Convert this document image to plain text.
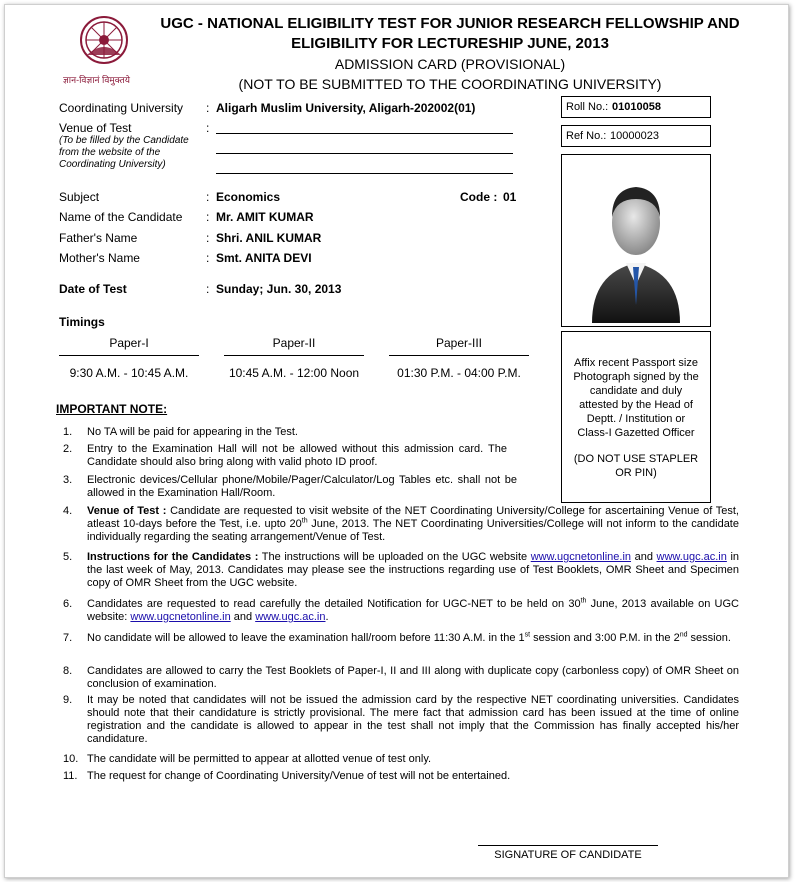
ज्ञान-विज्ञानं विमुक्तये
UGC - NATIONAL ELIGIBILITY TEST FOR JUNIOR RESEARCH FELLOWSHIP AND
ELIGIBILITY FOR LECTURESHIP JUNE, 2013
ADMISSION CARD (PROVISIONAL)
(NOT TO BE SUBMITTED TO THE COORDINATING UNIVERSITY)
Roll No.: 01010058
Ref No.: 10000023
Affix recent Passport size
Photograph signed by the
candidate and duly
attested by the Head of
Deptt. / Institution or
Class-I Gazetted Officer
(DO NOT USE STAPLER
OR PIN)
Coordinating University : Aligarh Muslim University, Aligarh-202002(01)
Venue of Test	:
(To be filled by the Candidate
from the website of the
Coordinating University)
Subject	: Economics	Code : 01
Name of the Candidate : Mr. AMIT KUMAR
Father's Name	: Shri. ANIL KUMAR
Mother's Name	: Smt. ANITA DEVI
Date of Test	: Sunday; Jun. 30, 2013
Timings
Paper-I	Paper-II	Paper-III
9:30 A.M. - 10:45 A.M.	10:45 A.M. - 12:00 Noon	01:30 P.M. - 04:00 P.M.
IMPORTANT NOTE:
1. No TA will be paid for appearing in the Test.
2. Entry to the Examination Hall will not be allowed without this admission card. The Candidate should also bring along with valid photo ID proof.
3. Electronic devices/Cellular phone/Mobile/Pager/Calculator/Log Tables etc. shall not be allowed in the Examination Hall/Room.
4. Venue of Test : Candidate are requested to visit website of the NET Coordinating University/College for ascertaining Venue of Test, atleast 10-days before the Test, i.e. upto 20th June, 2013. The NET Coordinating Universities/College will not inform to the candidate individually regarding the seating arrangement/Venue of Test.
5. Instructions for the Candidates : The instructions will be uploaded on the UGC website www.ugcnetonline.in and www.ugc.ac.in in the last week of May, 2013. Candidates may please see the instructions regarding use of Test Booklets, OMR Sheet and Specimen copy of OMR Sheet from the UGC website.
6. Candidates are requested to read carefully the detailed Notification for UGC-NET to be held on 30th June, 2013 available on UGC website: www.ugcnetonline.in and www.ugc.ac.in.
7. No candidate will be allowed to leave the examination hall/room before 11:30 A.M. in the 1st session and 3:00 P.M. in the 2nd session.
8. Candidates are allowed to carry the Test Booklets of Paper-I, II and III along with duplicate copy (carbonless copy) of OMR Sheet on conclusion of examination.
9. It may be noted that candidates will not be issued the admission card by the respective NET coordinating universities. Candidates should note that their candidature is strictly provisional. The mere fact that admission card has been issued at the time of online registration and the candidate is allowed to appear in the test shall not imply that the Commission has finally accepted his/her candidature.
10. The candidate will be permitted to appear at allotted venue of test only.
11. The request for change of Coordinating University/Venue of test will not be entertained.
SIGNATURE OF CANDIDATE
